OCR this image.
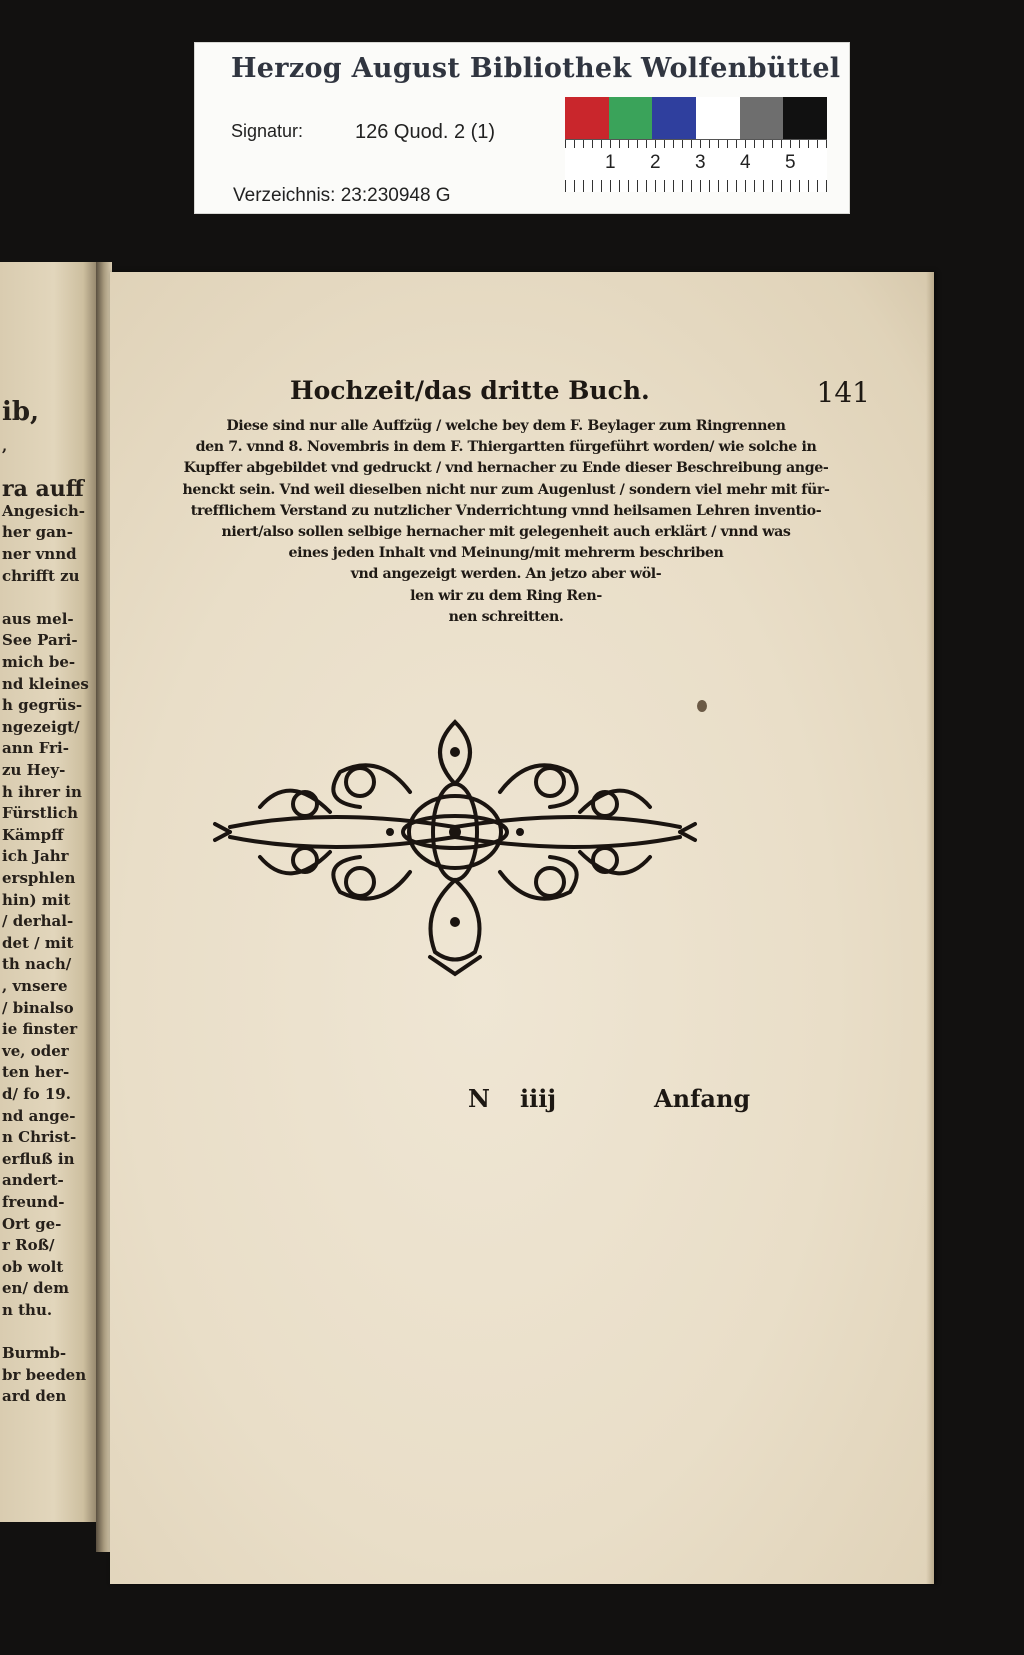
Herzog August Bibliothek Wolfenbüttel
Signatur:	126 Quod. 2 (1)
Verzeichnis: 23:230948 G
1 2 3 4 5
ib,
,
ra auff
Angesich-
her gan-
ner vnnd
chrifft zu
aus mel-
See Pari-
mich be-
nd kleines
h gegrüs-
ngezeigt/
ann Fri-
zu Hey-
h ihrer in
Fürstlich
Kämpff
ich Jahr
ersphlen
hin) mit
/ derhal-
det / mit
th nach/
, vnsere
/ binalso
ie finster
ve, oder
ten her-
d/ fo 19.
nd ange-
n Christ-
erfluß in
andert-
freund-
Ort ge-
r Roß/
ob wolt
en/ dem
n thu.
Burmb-
br beeden
ard den
Hochzeit/das dritte Buch.	141
Diese sind nur alle Auffzüg / welche bey dem F. Beylager zum Ringrennen
den 7. vnnd 8. Novembris in dem F. Thiergartten fürgeführt worden/ wie solche in
Kupffer abgebildet vnd gedruckt / vnd hernacher zu Ende dieser Beschreibung ange-
henckt sein. Vnd weil dieselben nicht nur zum Augenlust / sondern viel mehr mit für-
trefflichem Verstand zu nutzlicher Vnderrichtung vnnd heilsamen Lehren inventio-
niert/also sollen selbige hernacher mit gelegenheit auch erklärt / vnnd was
eines jeden Inhalt vnd Meinung/mit mehrerm beschriben
vnd angezeigt werden. An jetzo aber wöl-
len wir zu dem Ring Ren-
nen schreitten.
N iiij	Anfang
